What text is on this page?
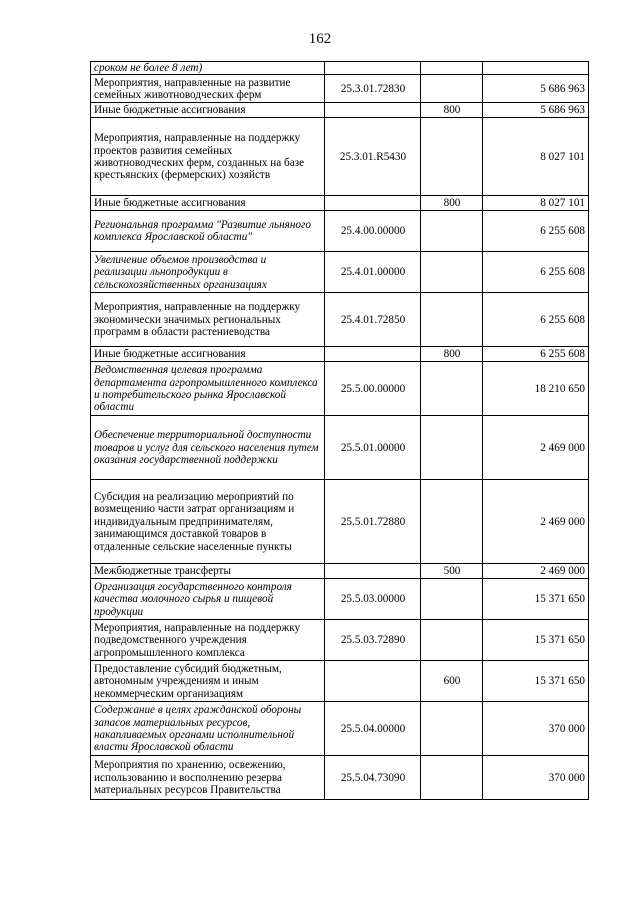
162
сроком не более 8 лет)			
Мероприятия, направленные на развитие семейных животноводческих ферм	25.3.01.72830		5 686 963
Иные бюджетные ассигнования		800	5 686 963
Мероприятия, направленные на поддержку проектов развития семейных животноводческих ферм, созданных на базе крестьянских (фермерских) хозяйств	25.3.01.R5430		8 027 101
Иные бюджетные ассигнования		800	8 027 101
Региональная программа "Развитие льняного комплекса Ярославской области"	25.4.00.00000		6 255 608
Увеличение объемов производства и реализации льнопродукции в сельскохозяйственных организациях	25.4.01.00000		6 255 608
Мероприятия, направленные на поддержку экономически значимых региональных программ в области растениеводства	25.4.01.72850		6 255 608
Иные бюджетные ассигнования		800	6 255 608
Ведомственная целевая программа департамента агропромышленного комплекса и потребительского рынка Ярославской области	25.5.00.00000		18 210 650
Обеспечение территориальной доступности товаров и услуг для сельского населения путем оказания государственной поддержки	25.5.01.00000		2 469 000
Субсидия на реализацию мероприятий по возмещению части затрат организациям и индивидуальным предпринимателям, занимающимся доставкой товаров в отдаленные сельские населенные пункты	25.5.01.72880		2 469 000
Межбюджетные трансферты		500	2 469 000
Организация государственного контроля качества молочного сырья и пищевой продукции	25.5.03.00000		15 371 650
Мероприятия, направленные на поддержку подведомственного учреждения агропромышленного комплекса	25.5.03.72890		15 371 650
Предоставление субсидий бюджетным, автономным учреждениям и иным некоммерческим организациям		600	15 371 650
Содержание в целях гражданской обороны запасов материальных ресурсов, накапливаемых органами исполнительной власти Ярославской области	25.5.04.00000		370 000
Мероприятия по хранению, освежению, использованию и восполнению резерва материальных ресурсов Правительства	25.5.04.73090		370 000
